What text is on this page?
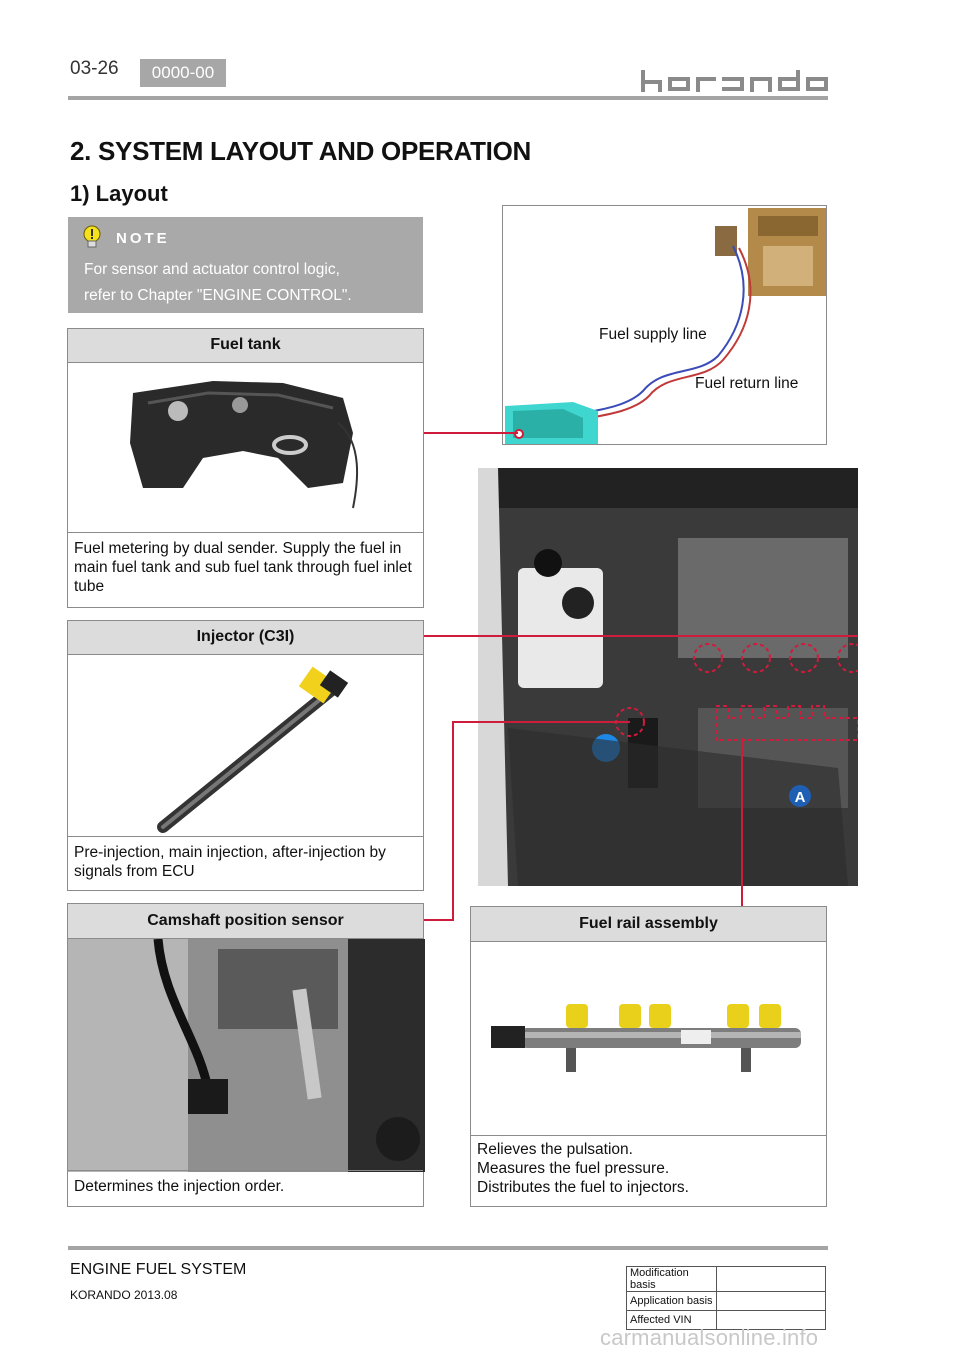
03-26	0000-00
2. SYSTEM LAYOUT AND OPERATION
1) Layout
NOTE
For sensor and actuator control logic,
refer to Chapter "ENGINE CONTROL".
Fuel supply line
Fuel return line
Fuel tank
Fuel metering by dual sender. Supply the fuel in main fuel tank and sub fuel tank through fuel inlet tube
A
Injector (C3I)
Pre-injection, main injection, after-injection by signals from ECU
Camshaft position sensor
Determines the injection order.
Fuel rail assembly
Relieves the pulsation.
Measures the fuel pressure.
Distributes the fuel to injectors.
ENGINE FUEL SYSTEM
KORANDO 2013.08
Modification basis	
Application basis	
Affected VIN	
carmanualsonline.info
